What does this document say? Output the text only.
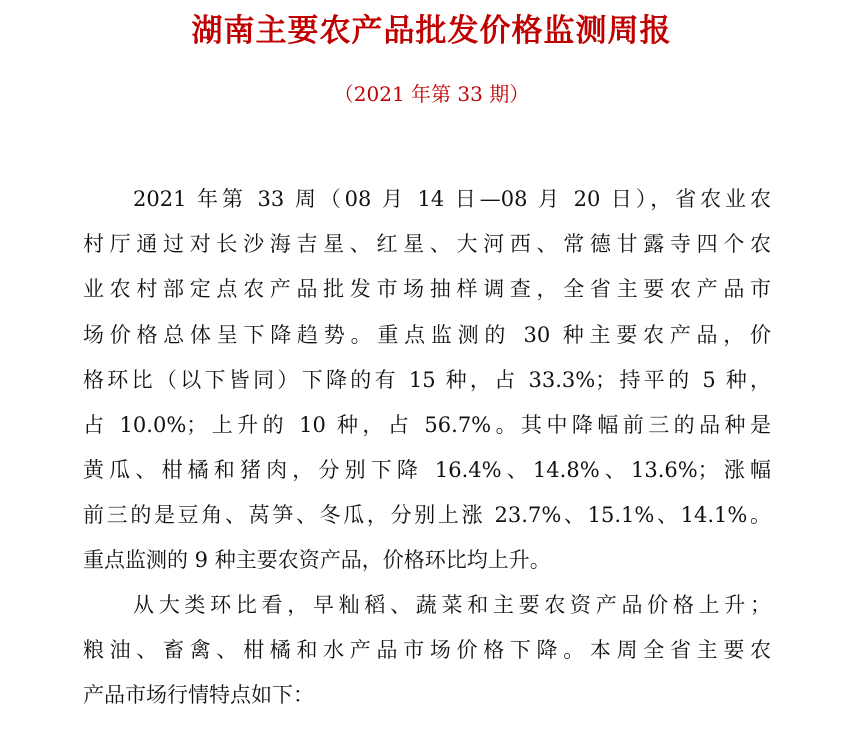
湖南主要农产品批发价格监测周报
（2021 年第 33 期）
2021 年第 33 周（08 月 14 日—08 月 20 日），省农业农
村厅通过对长沙海吉星、红星、大河西、常德甘露寺四个农
业农村部定点农产品批发市场抽样调查，全省主要农产品市
场价格总体呈下降趋势。重点监测的 30 种主要农产品，价
格环比（以下皆同）下降的有 15 种，占 33.3%；持平的 5 种，
占 10.0%；上升的 10 种，占 56.7%。其中降幅前三的品种是
黄瓜、柑橘和猪肉，分别下降 16.4%、14.8%、13.6%；涨幅
前三的是豆角、莴笋、冬瓜，分别上涨 23.7%、15.1%、14.1%。
重点监测的 9 种主要农资产品，价格环比均上升。
从大类环比看，早籼稻、蔬菜和主要农资产品价格上升；
粮油、畜禽、柑橘和水产品市场价格下降。本周全省主要农
产品市场行情特点如下：
